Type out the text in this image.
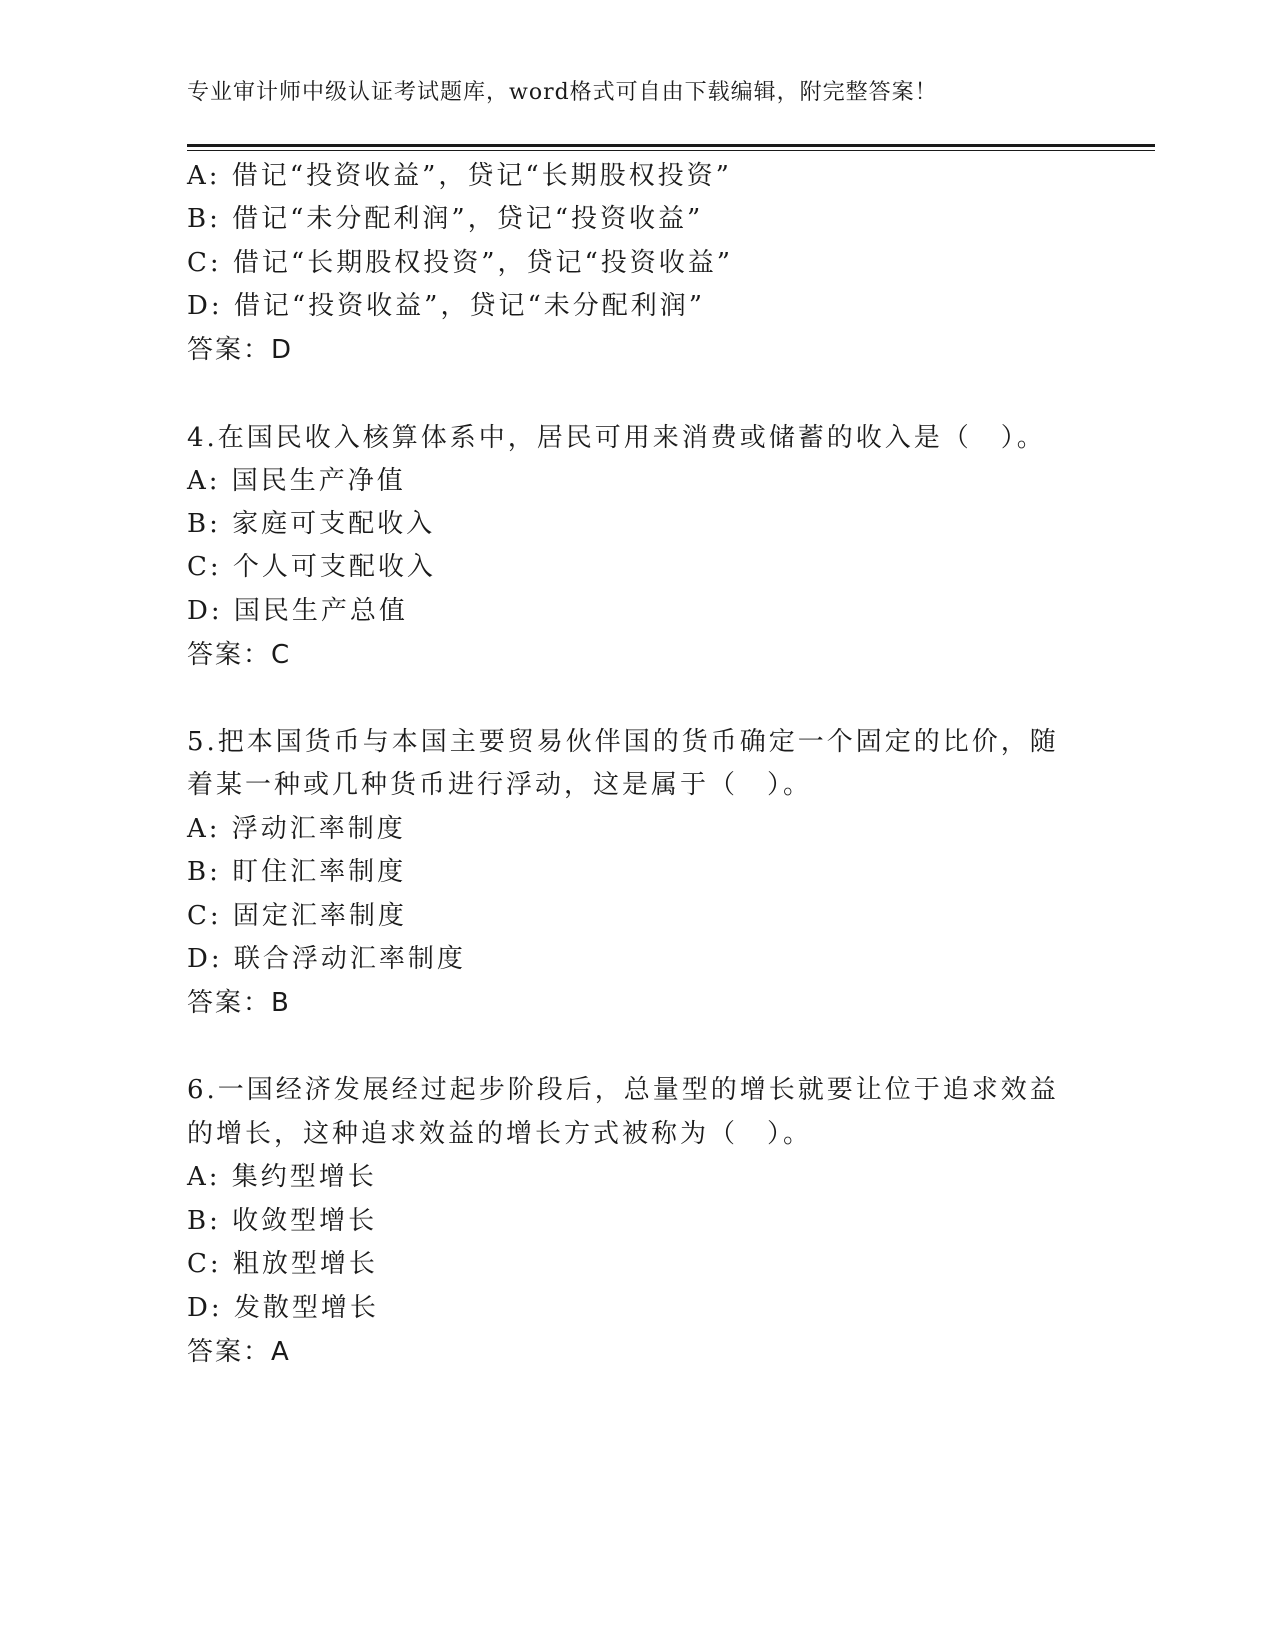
专业审计师中级认证考试题库，word格式可自由下载编辑，附完整答案！
A: 借记“投资收益”，贷记“长期股权投资”
B: 借记“未分配利润”，贷记“投资收益”
C: 借记“长期股权投资”，贷记“投资收益”
D: 借记“投资收益”，贷记“未分配利润”
答案：D
4.在国民收入核算体系中，居民可用来消费或储蓄的收入是（　）。
A: 国民生产净值
B: 家庭可支配收入
C: 个人可支配收入
D: 国民生产总值
答案：C
5.把本国货币与本国主要贸易伙伴国的货币确定一个固定的比价，随
着某一种或几种货币进行浮动，这是属于（　）。
A: 浮动汇率制度
B: 盯住汇率制度
C: 固定汇率制度
D: 联合浮动汇率制度
答案：B
6.一国经济发展经过起步阶段后，总量型的增长就要让位于追求效益
的增长，这种追求效益的增长方式被称为（　）。
A: 集约型增长
B: 收敛型增长
C: 粗放型增长
D: 发散型增长
答案：A
